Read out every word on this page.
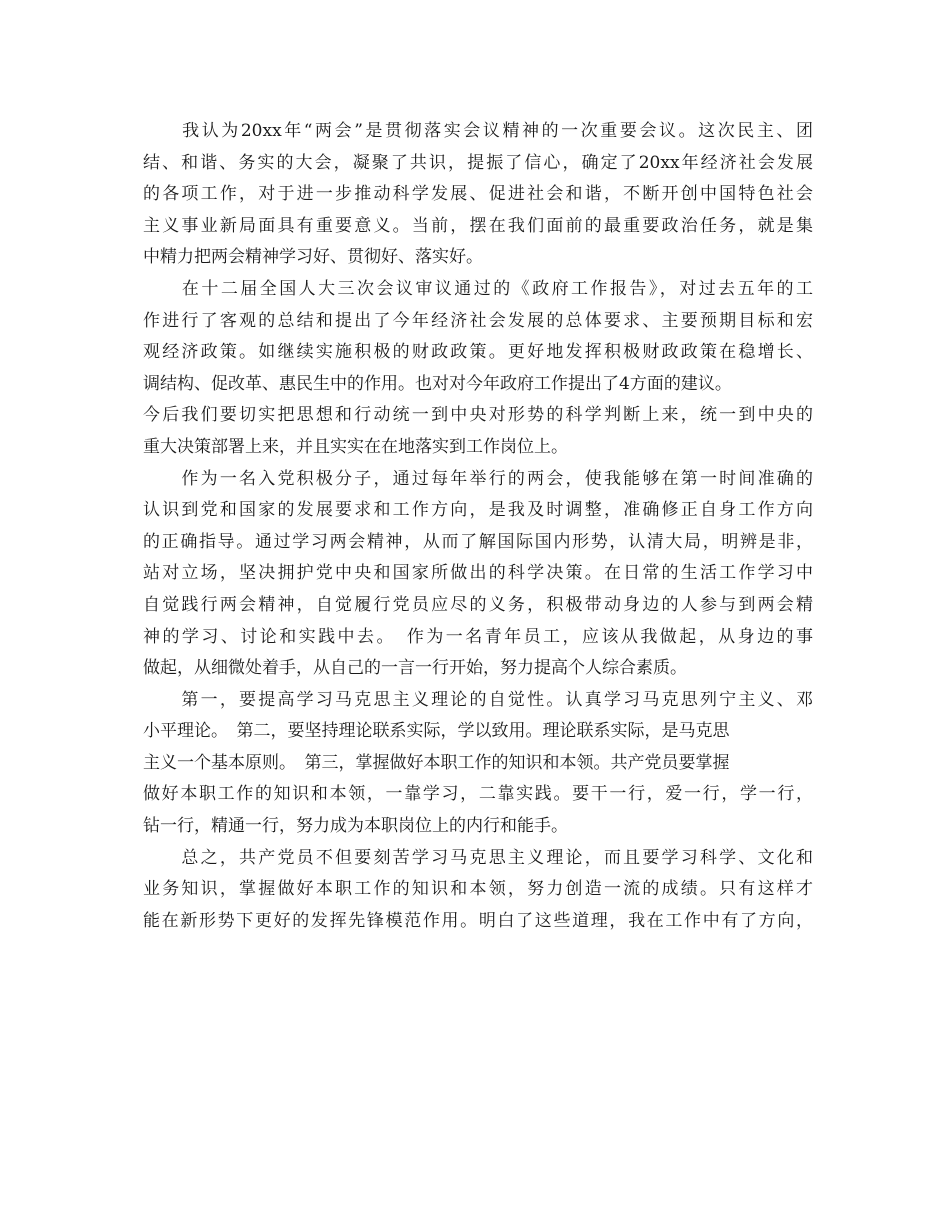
　　我认为20xx年“两会”是贯彻落实会议精神的一次重要会议。这次民主、团
结、和谐、务实的大会，凝聚了共识，提振了信心，确定了20xx年经济社会发展
的各项工作，对于进一步推动科学发展、促进社会和谐，不断开创中国特色社会
主义事业新局面具有重要意义。当前，摆在我们面前的最重要政治任务，就是集
中精力把两会精神学习好、贯彻好、落实好。

　　在十二届全国人大三次会议审议通过的《政府工作报告》，对过去五年的工
作进行了客观的总结和提出了今年经济社会发展的总体要求、主要预期目标和宏
观经济政策。如继续实施积极的财政政策。更好地发挥积极财政政策在稳增长、
调结构、促改革、惠民生中的作用。也对对今年政府工作提出了4方面的建议。
今后我们要切实把思想和行动统一到中央对形势的科学判断上来，统一到中央的
重大决策部署上来，并且实实在在地落实到工作岗位上。

　　作为一名入党积极分子，通过每年举行的两会，使我能够在第一时间准确的
认识到党和国家的发展要求和工作方向，是我及时调整，准确修正自身工作方向
的正确指导。通过学习两会精神，从而了解国际国内形势，认清大局，明辨是非，
站对立场，坚决拥护党中央和国家所做出的科学决策。在日常的生活工作学习中
自觉践行两会精神，自觉履行党员应尽的义务，积极带动身边的人参与到两会精
神的学习、讨论和实践中去。　作为一名青年员工，应该从我做起，从身边的事
做起，从细微处着手，从自己的一言一行开始，努力提高个人综合素质。

　　第一，要提高学习马克思主义理论的自觉性。认真学习马克思列宁主义、邓
小平理论。　第二，要坚持理论联系实际，学以致用。理论联系实际，是马克思
主义一个基本原则。　第三，掌握做好本职工作的知识和本领。共产党员要掌握
做好本职工作的知识和本领，一靠学习，二靠实践。要干一行，爱一行，学一行，
钻一行，精通一行，努力成为本职岗位上的内行和能手。

　　总之，共产党员不但要刻苦学习马克思主义理论，而且要学习科学、文化和
业务知识，掌握做好本职工作的知识和本领，努力创造一流的成绩。只有这样才
能在新形势下更好的发挥先锋模范作用。明白了这些道理，我在工作中有了方向，
